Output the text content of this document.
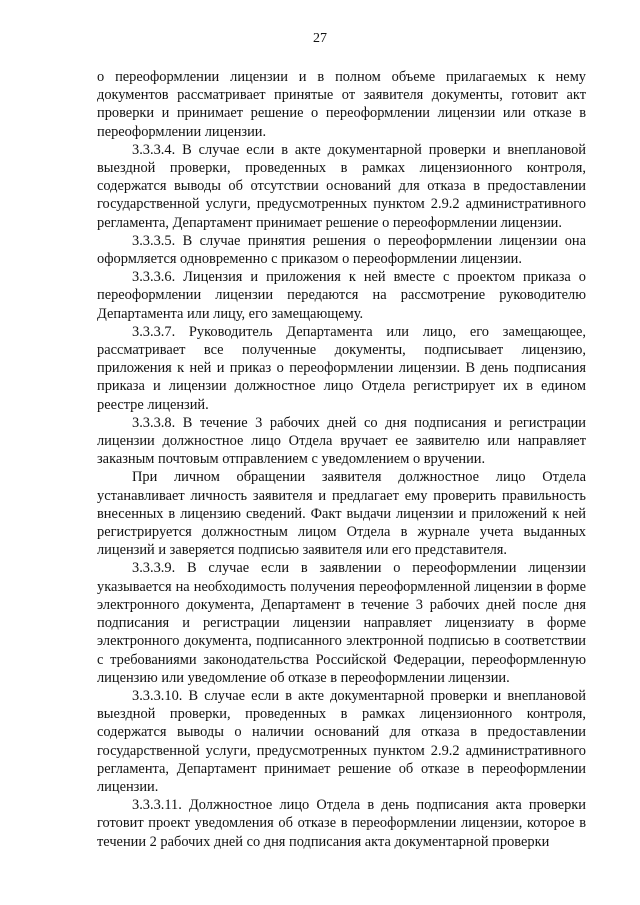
27

о переоформлении лицензии и в полном объеме прилагаемых к нему документов рассматривает принятые от заявителя документы, готовит акт проверки и принимает решение о переоформлении лицензии или отказе в переоформлении лицензии.

3.3.3.4. В случае если в акте документарной проверки и внеплановой выездной проверки, проведенных в рамках лицензионного контроля, содержатся выводы об отсутствии оснований для отказа в предоставлении государственной услуги, предусмотренных пунктом 2.9.2 административного регламента, Департамент принимает решение о переоформлении лицензии.

3.3.3.5. В случае принятия решения о переоформлении лицензии она оформляется одновременно с приказом о переоформлении лицензии.

3.3.3.6. Лицензия и приложения к ней вместе с проектом приказа о переоформлении лицензии передаются на рассмотрение руководителю Департамента или лицу, его замещающему.

3.3.3.7. Руководитель Департамента или лицо, его замещающее, рассматривает все полученные документы, подписывает лицензию, приложения к ней и приказ о переоформлении лицензии. В день подписания приказа и лицензии должностное лицо Отдела регистрирует их в едином реестре лицензий.

3.3.3.8. В течение 3 рабочих дней со дня подписания и регистрации лицензии должностное лицо Отдела вручает ее заявителю или направляет заказным почтовым отправлением с уведомлением о вручении.

При личном обращении заявителя должностное лицо Отдела устанавливает личность заявителя и предлагает ему проверить правильность внесенных в лицензию сведений. Факт выдачи лицензии и приложений к ней регистрируется должностным лицом Отдела в журнале учета выданных лицензий и заверяется подписью заявителя или его представителя.

3.3.3.9. В случае если в заявлении о переоформлении лицензии указывается на необходимость получения переоформленной лицензии в форме электронного документа, Департамент в течение 3 рабочих дней после дня подписания и регистрации лицензии направляет лицензиату в форме электронного документа, подписанного электронной подписью в соответствии с требованиями законодательства Российской Федерации, переоформленную лицензию или уведомление об отказе в переоформлении лицензии.

3.3.3.10. В случае если в акте документарной проверки и внеплановой выездной проверки, проведенных в рамках лицензионного контроля, содержатся выводы о наличии оснований для отказа в предоставлении государственной услуги, предусмотренных пунктом 2.9.2 административного регламента, Департамент принимает решение об отказе в переоформлении лицензии.

3.3.3.11. Должностное лицо Отдела в день подписания акта проверки готовит проект уведомления об отказе в переоформлении лицензии, которое в течении 2 рабочих дней со дня подписания акта документарной проверки
